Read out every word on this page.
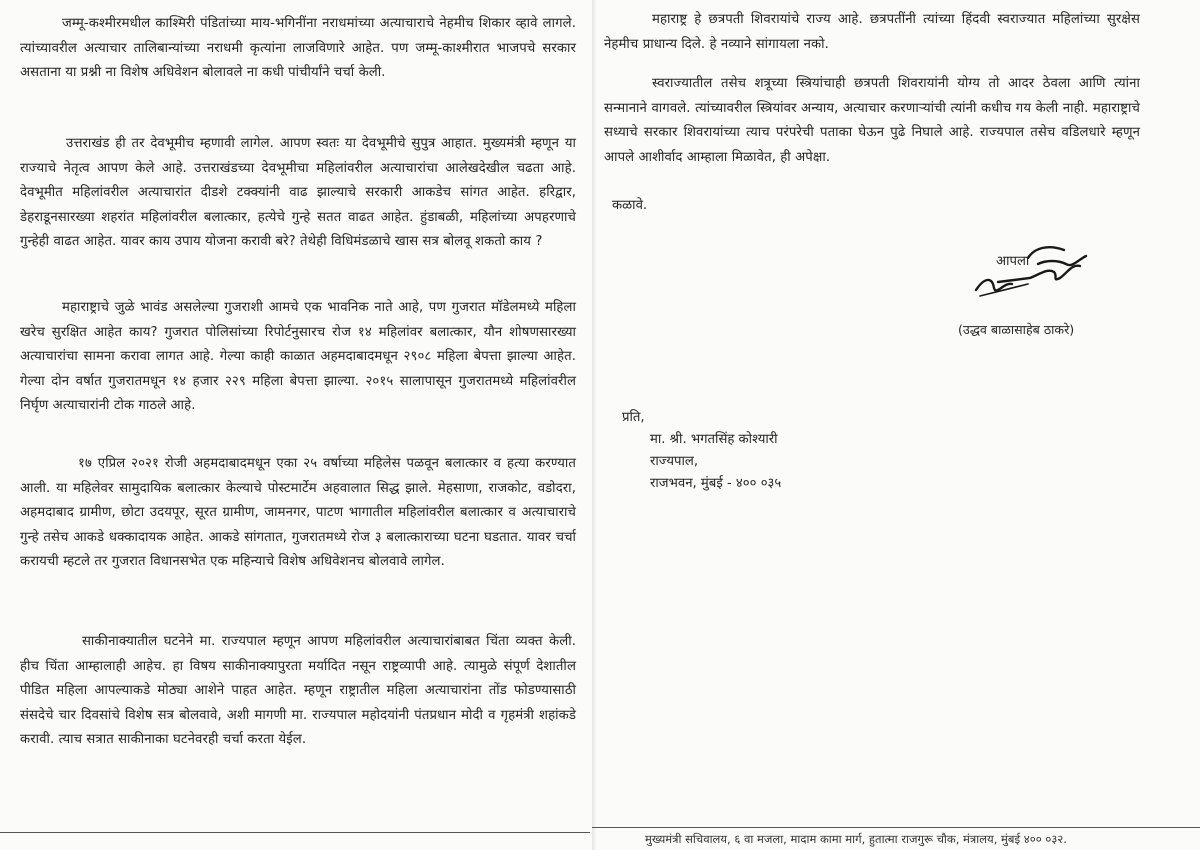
जम्मू-कश्मीरमधील काश्मिरी पंडितांच्या माय-भगिनींना नराधमांच्या अत्याचाराचे नेहमीच शिकार व्हावे लागले. त्यांच्यावरील अत्याचार तालिबान्यांच्या नराधमी कृत्यांना लाजविणारे आहेत. पण जम्मू-काश्मीरात भाजपचे सरकार असताना या प्रश्नी ना विशेष अधिवेशन बोलावले ना कधी पांचीर्यांने चर्चा केली.

उत्तराखंड ही तर देवभूमीच म्हणावी लागेल. आपण स्वतः या देवभूमीचे सुपुत्र आहात. मुख्यमंत्री म्हणून या राज्याचे नेतृत्व आपण केले आहे. उत्तराखंडच्या देवभूमीचा महिलांवरील अत्याचारांचा आलेखदेखील चढता आहे. देवभूमीत महिलांवरील अत्याचारांत दीडशे टक्क्यांनी वाढ झाल्याचे सरकारी आकडेच सांगत आहेत. हरिद्वार, डेहराडूनसारख्या शहरांत महिलांवरील बलात्कार, हत्येचे गुन्हे सतत वाढत आहेत. हुंडाबळी, महिलांच्या अपहरणाचे गुन्हेही वाढत आहेत. यावर काय उपाय योजना करावी बरे? तेथेही विधिमंडळाचे खास सत्र बोलवू शकतो काय ?

महाराष्ट्राचे जुळे भावंड असलेल्या गुजराशी आमचे एक भावनिक नाते आहे, पण गुजरात मॉडेलमध्ये महिला खरेच सुरक्षित आहेत काय? गुजरात पोलिसांच्या रिपोर्टनुसारच रोज १४ महिलांवर बलात्कार, यौन शोषणसारख्या अत्याचारांचा सामना करावा लागत आहे. गेल्या काही काळात अहमदाबादमधून २९०८ महिला बेपत्ता झाल्या आहेत. गेल्या दोन वर्षात गुजरातमधून १४ हजार २२९ महिला बेपत्ता झाल्या. २०१५ सालापासून गुजरातमध्ये महिलांवरील निर्घृण अत्याचारांनी टोक गाठले आहे.

१७ एप्रिल २०२१ रोजी अहमदाबादमधून एका २५ वर्षाच्या महिलेस पळवून बलात्कार व हत्या करण्यात आली. या महिलेवर सामुदायिक बलात्कार केल्याचे पोस्टमार्टेम अहवालात सिद्ध झाले. मेहसाणा, राजकोट, वडोदरा, अहमदाबाद ग्रामीण, छोटा उदयपूर, सूरत ग्रामीण, जामनगर, पाटण भागातील महिलांवरील बलात्कार व अत्याचाराचे गुन्हे तसेच आकडे धक्कादायक आहेत. आकडे सांगतात, गुजरातमध्ये रोज ३ बलात्काराच्या घटना घडतात. यावर चर्चा करायची म्हटले तर गुजरात विधानसभेत एक महिन्याचे विशेष अधिवेशनच बोलवावे लागेल.

साकीनाक्यातील घटनेने मा. राज्यपाल म्हणून आपण महिलांवरील अत्याचारांबाबत चिंता व्यक्त केली. हीच चिंता आम्हालाही आहेच. हा विषय साकीनाक्यापुरता मर्यादित नसून राष्ट्रव्यापी आहे. त्यामुळे संपूर्ण देशातील पीडित महिला आपल्याकडे मोठ्या आशेने पाहत आहेत. म्हणून राष्ट्रातील महिला अत्याचारांना तोंड फोडण्यासाठी संसदेचे चार दिवसांचे विशेष सत्र बोलवावे, अशी मागणी मा. राज्यपाल महोदयांनी पंतप्रधान मोदी व गृहमंत्री शहांकडे करावी. त्याच सत्रात साकीनाका घटनेवरही चर्चा करता येईल.

महाराष्ट्र हे छत्रपती शिवरायांचे राज्य आहे. छत्रपतींनी त्यांच्या हिंदवी स्वराज्यात महिलांच्या सुरक्षेस नेहमीच प्राधान्य दिले. हे नव्याने सांगायला नको.

स्वराज्यातील तसेच शत्रूच्या स्त्रियांचाही छत्रपती शिवरायांनी योग्य तो आदर ठेवला आणि त्यांना सन्मानाने वागवले. त्यांच्यावरील स्त्रियांवर अन्याय, अत्याचार करणाऱ्यांची त्यांनी कधीच गय केली नाही. महाराष्ट्राचे सध्याचे सरकार शिवरायांच्या त्याच परंपरेची पताका घेऊन पुढे निघाले आहे. राज्यपाल तसेच वडिलधारे म्हणून आपले आशीर्वाद आम्हाला मिळावेत, ही अपेक्षा.

कळावे.

आपला

(उद्धव बाळासाहेब ठाकरे)

प्रति,

मा. श्री. भगतसिंह कोश्यारी

राज्यपाल,

राजभवन, मुंबई - ४०० ०३५

मुख्यमंत्री सचिवालय, ६ वा मजला, मादाम कामा मार्ग, हुतात्मा राजगुरू चौक, मंत्रालय, मुंबई ४०० ०३२.
